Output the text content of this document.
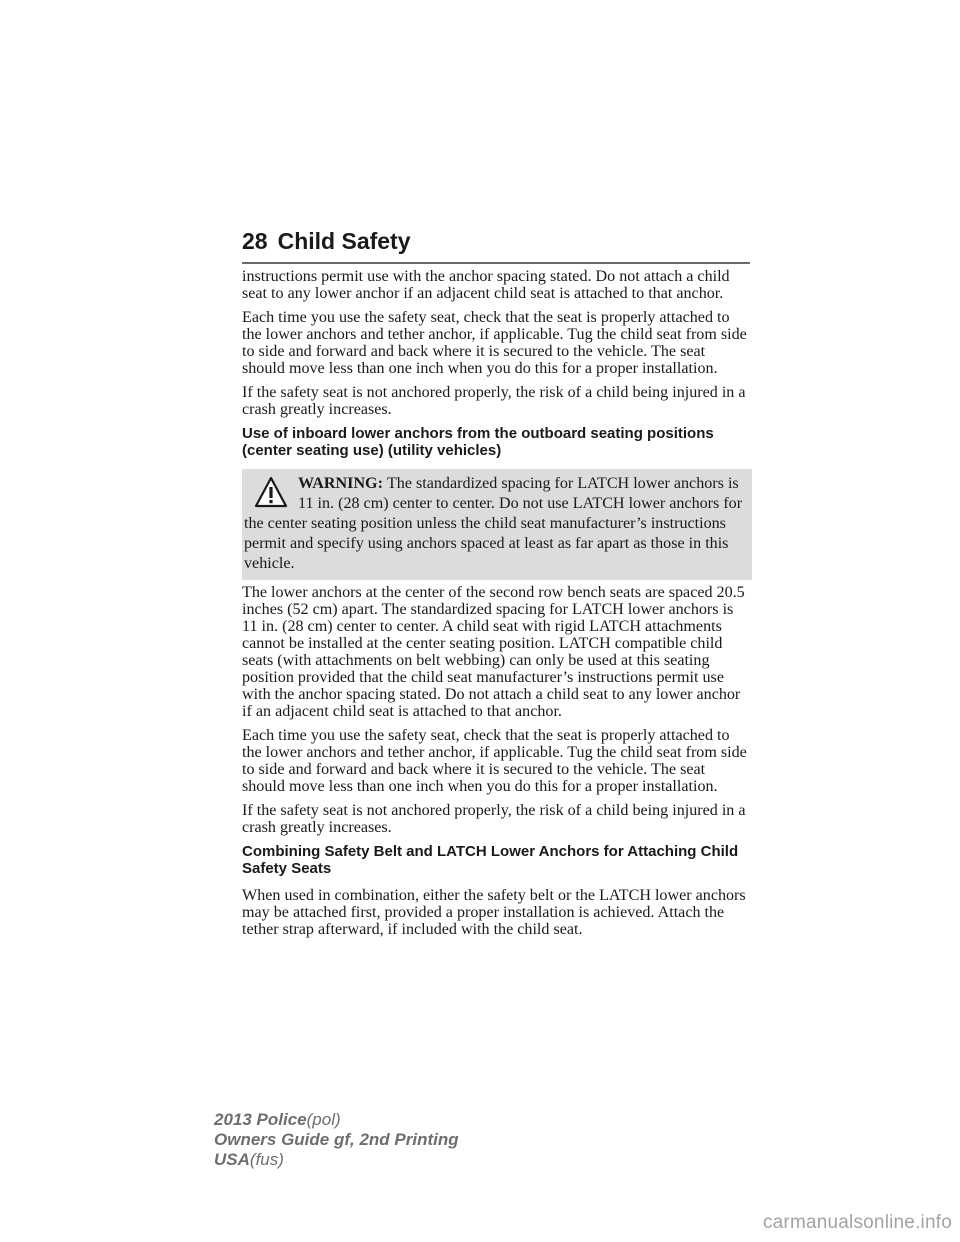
28 Child Safety

instructions permit use with the anchor spacing stated. Do not attach a child seat to any lower anchor if an adjacent child seat is attached to that anchor.

Each time you use the safety seat, check that the seat is properly attached to the lower anchors and tether anchor, if applicable. Tug the child seat from side to side and forward and back where it is secured to the vehicle. The seat should move less than one inch when you do this for a proper installation.

If the safety seat is not anchored properly, the risk of a child being injured in a crash greatly increases.

Use of inboard lower anchors from the outboard seating positions (center seating use) (utility vehicles)
WARNING: The standardized spacing for LATCH lower anchors is 11 in. (28 cm) center to center. Do not use LATCH lower anchors for the center seating position unless the child seat manufacturer’s instructions permit and specify using anchors spaced at least as far apart as those in this vehicle.

The lower anchors at the center of the second row bench seats are spaced 20.5 inches (52 cm) apart. The standardized spacing for LATCH lower anchors is 11 in. (28 cm) center to center. A child seat with rigid LATCH attachments cannot be installed at the center seating position. LATCH compatible child seats (with attachments on belt webbing) can only be used at this seating position provided that the child seat manufacturer’s instructions permit use with the anchor spacing stated. Do not attach a child seat to any lower anchor if an adjacent child seat is attached to that anchor.

Each time you use the safety seat, check that the seat is properly attached to the lower anchors and tether anchor, if applicable. Tug the child seat from side to side and forward and back where it is secured to the vehicle. The seat should move less than one inch when you do this for a proper installation.

If the safety seat is not anchored properly, the risk of a child being injured in a crash greatly increases.

Combining Safety Belt and LATCH Lower Anchors for Attaching Child Safety Seats

When used in combination, either the safety belt or the LATCH lower anchors may be attached first, provided a proper installation is achieved. Attach the tether strap afterward, if included with the child seat.

2013 Police(pol)
Owners Guide gf, 2nd Printing
USA(fus)
carmanualsonline.info
